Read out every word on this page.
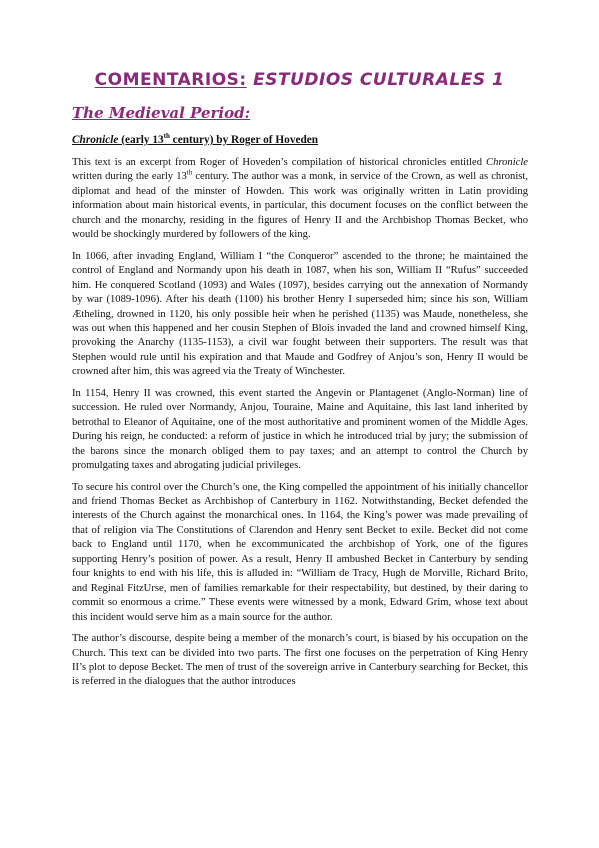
COMENTARIOS: ESTUDIOS CULTURALES 1
The Medieval Period:
Chronicle (early 13th century) by Roger of Hoveden

This text is an excerpt from Roger of Hoveden’s compilation of historical chronicles entitled Chronicle written during the early 13th century. The author was a monk, in service of the Crown, as well as chronist, diplomat and head of the minster of Howden. This work was originally written in Latin providing information about main historical events, in particular, this document focuses on the conflict between the church and the monarchy, residing in the figures of Henry II and the Archbishop Thomas Becket, who would be shockingly murdered by followers of the king.

In 1066, after invading England, William I “the Conqueror” ascended to the throne; he maintained the control of England and Normandy upon his death in 1087, when his son, William II “Rufus” succeeded him. He conquered Scotland (1093) and Wales (1097), besides carrying out the annexation of Normandy by war (1089-1096). After his death (1100) his brother Henry I superseded him; since his son, William Ætheling, drowned in 1120, his only possible heir when he perished (1135) was Maude, nonetheless, she was out when this happened and her cousin Stephen of Blois invaded the land and crowned himself King, provoking the Anarchy (1135-1153), a civil war fought between their supporters. The result was that Stephen would rule until his expiration and that Maude and Godfrey of Anjou’s son, Henry II would be crowned after him, this was agreed via the Treaty of Winchester.

In 1154, Henry II was crowned, this event started the Angevin or Plantagenet (Anglo-Norman) line of succession. He ruled over Normandy, Anjou, Touraine, Maine and Aquitaine, this last land inherited by betrothal to Eleanor of Aquitaine, one of the most authoritative and prominent women of the Middle Ages. During his reign, he conducted: a reform of justice in which he introduced trial by jury; the submission of the barons since the monarch obliged them to pay taxes; and an attempt to control the Church by promulgating taxes and abrogating judicial privileges.

To secure his control over the Church’s one, the King compelled the appointment of his initially chancellor and friend Thomas Becket as Archbishop of Canterbury in 1162. Notwithstanding, Becket defended the interests of the Church against the monarchical ones. In 1164, the King’s power was made prevailing of that of religion via The Constitutions of Clarendon and Henry sent Becket to exile. Becket did not come back to England until 1170, when he excommunicated the archbishop of York, one of the figures supporting Henry’s position of power. As a result, Henry II ambushed Becket in Canterbury by sending four knights to end with his life, this is alluded in: “William de Tracy, Hugh de Morville, Richard Brito, and Reginal FitzUrse, men of families remarkable for their respectability, but destined, by their daring to commit so enormous a crime.” These events were witnessed by a monk, Edward Grim, whose text about this incident would serve him as a main source for the author.

The author’s discourse, despite being a member of the monarch’s court, is biased by his occupation on the Church. This text can be divided into two parts. The first one focuses on the perpetration of King Henry II’s plot to depose Becket. The men of trust of the sovereign arrive in Canterbury searching for Becket, this is referred in the dialogues that the author introduces
